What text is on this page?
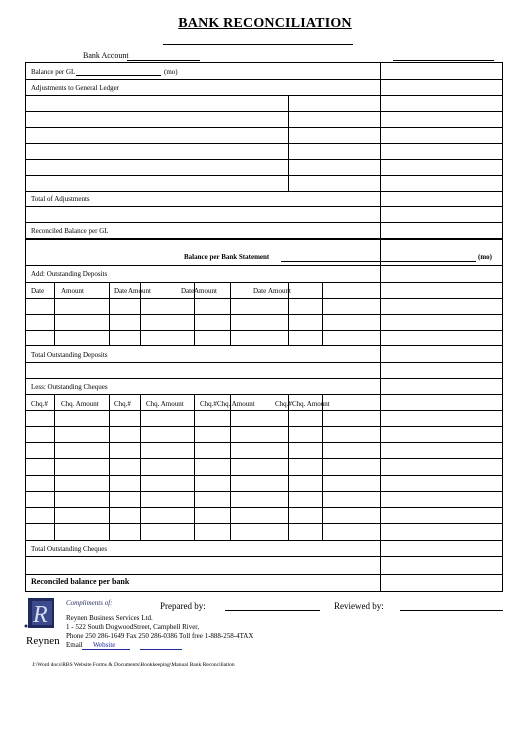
BANK RECONCILIATION
Bank Account
Balance per GL	(mo)
Adjustments to General Ledger
Total of Adjustments
Reconciled Balance per GL
Balance per Bank Statement	(mo)
Add: Outstanding Deposits
Date Amount	Date Amount	Date Amount	Date Amount
Total Outstanding Deposits
Less: Outstanding Cheques
Chq.# Chq. Amount Chq.# Chq. Amount Chq.# Chq. Amount	Chq.# Chq. Amount
Total Outstanding Cheques
Reconciled balance per bank
R
Reynen
Compliments of:
Reynen Business Services Ltd.
1 - 522 South DogwoodStreet, Campbell River,
Phone 250 286-1649 Fax 250 286-0386 Toll free 1-888-258-4TAX
Email Website
Prepared by:	Reviewed by:
J:\Word docs\RBS Website Forms & Documents\Bookkeeping\Manual Bank Reconciliation
